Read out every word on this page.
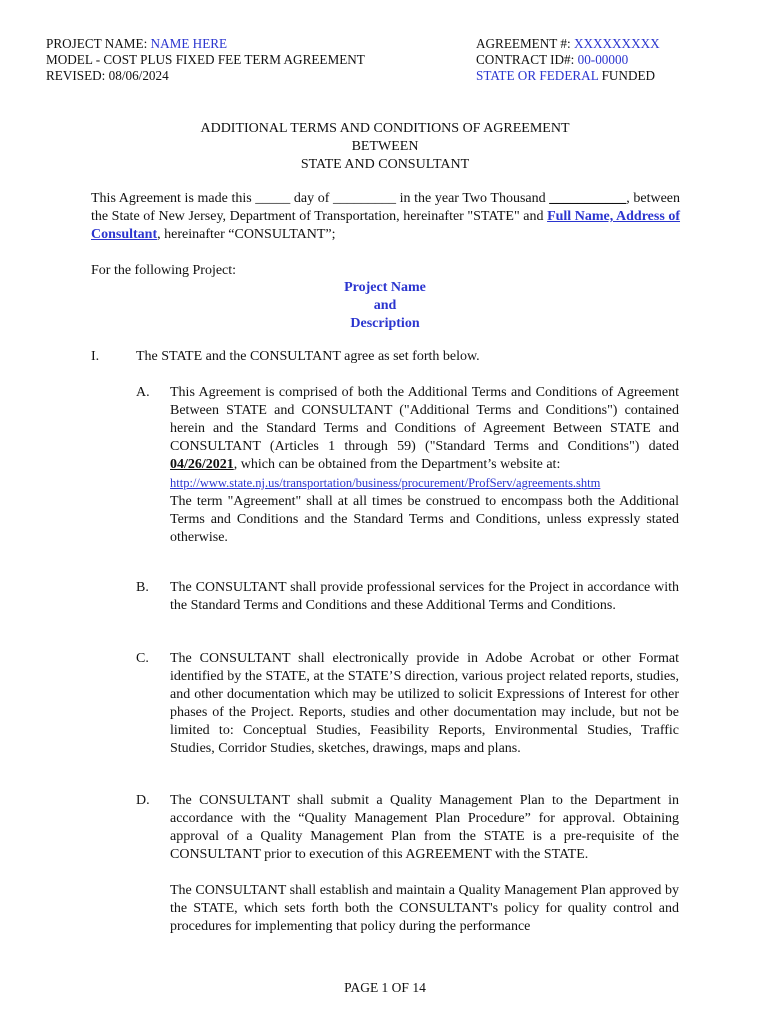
PROJECT NAME: NAME HERE
MODEL - COST PLUS FIXED FEE TERM AGREEMENT
REVISED: 08/06/2024
AGREEMENT #: XXXXXXXXX
CONTRACT ID#: 00-00000
STATE OR FEDERAL FUNDED
ADDITIONAL TERMS AND CONDITIONS OF AGREEMENT
BETWEEN
STATE AND CONSULTANT
This Agreement is made this _____ day of _________ in the year Two Thousand ___________, between the State of New Jersey, Department of Transportation, hereinafter "STATE" and Full Name, Address of Consultant, hereinafter “CONSULTANT”;
For the following Project:
Project Name
and
Description
I.	The STATE and the CONSULTANT agree as set forth below.
A. This Agreement is comprised of both the Additional Terms and Conditions of Agreement Between STATE and CONSULTANT ("Additional Terms and Conditions") contained herein and the Standard Terms and Conditions of Agreement Between STATE and CONSULTANT (Articles 1 through 59) ("Standard Terms and Conditions") dated 04/26/2021, which can be obtained from the Department’s website at:
http://www.state.nj.us/transportation/business/procurement/ProfServ/agreements.shtm
The term "Agreement" shall at all times be construed to encompass both the Additional Terms and Conditions and the Standard Terms and Conditions, unless expressly stated otherwise.
B. The CONSULTANT shall provide professional services for the Project in accordance with the Standard Terms and Conditions and these Additional Terms and Conditions.
C. The CONSULTANT shall electronically provide in Adobe Acrobat or other Format identified by the STATE, at the STATE’S direction, various project related reports, studies, and other documentation which may be utilized to solicit Expressions of Interest for other phases of the Project. Reports, studies and other documentation may include, but not be limited to: Conceptual Studies, Feasibility Reports, Environmental Studies, Traffic Studies, Corridor Studies, sketches, drawings, maps and plans.
D. The CONSULTANT shall submit a Quality Management Plan to the Department in accordance with the “Quality Management Plan Procedure” for approval. Obtaining approval of a Quality Management Plan from the STATE is a pre-requisite of the CONSULTANT prior to execution of this AGREEMENT with the STATE.
The CONSULTANT shall establish and maintain a Quality Management Plan approved by the STATE, which sets forth both the CONSULTANT's policy for quality control and procedures for implementing that policy during the performance
PAGE 1 OF 14
